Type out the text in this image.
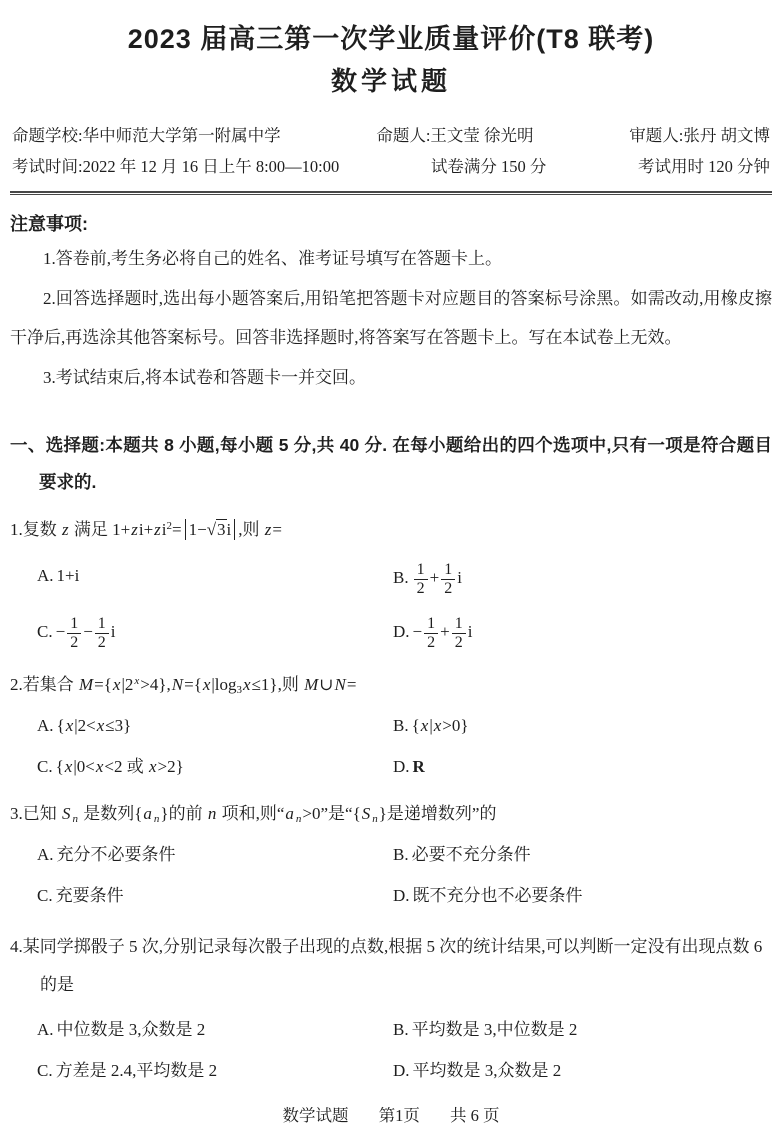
2023 届高三第一次学业质量评价(T8 联考)
数学试题
命题学校:华中师范大学第一附属中学	命题人:王文莹 徐光明	审题人:张丹 胡文博
考试时间:2022 年 12 月 16 日上午 8:00—10:00	试卷满分 150 分	考试用时 120 分钟
注意事项:

1.答卷前,考生务必将自己的姓名、准考证号填写在答题卡上。

2.回答选择题时,选出每小题答案后,用铅笔把答题卡对应题目的答案标号涂黑。如需改动,用橡皮擦干净后,再选涂其他答案标号。回答非选择题时,将答案写在答题卡上。写在本试卷上无效。

3.考试结束后,将本试卷和答题卡一并交回。

一、选择题:本题共 8 小题,每小题 5 分,共 40 分. 在每小题给出的四个选项中,只有一项是符合题目要求的.
1.复数 z 满足 $1+zi+zi^2= 1-√3i$ ,则 z=
A. 1+i	B. $\frac{1}{2} + \frac{1}{2}$ i
C. − $\frac{1}{2} - \frac{1}{2}$ i	D. − $\frac{1}{2} + \frac{1}{2}$ i
2.若集合 $M=\{x|2^x>4\},N=\{x|\log_3x\le 1\}$,则 M∪N=
A. {x|2<x≤3}	B. {x|x>0}
C. {x|0<x<2 或 x>2}	D. R
3.已知 S $_n$ 是数列{a $_n$}的前 n 项和,则“a $_n$>0”是“{S $_n$}是递增数列”的
A. 充分不必要条件	B. 必要不充分条件
C. 充要条件	D. 既不充分也不必要条件
4.某同学掷骰子 5 次,分别记录每次骰子出现的点数,根据 5 次的统计结果,可以判断一定没有出现点数 6 的是
A. 中位数是 3,众数是 2	B. 平均数是 3,中位数是 2
C. 方差是 2.4,平均数是 2	D. 平均数是 3,众数是 2
数学试题 第1页 共 6 页
